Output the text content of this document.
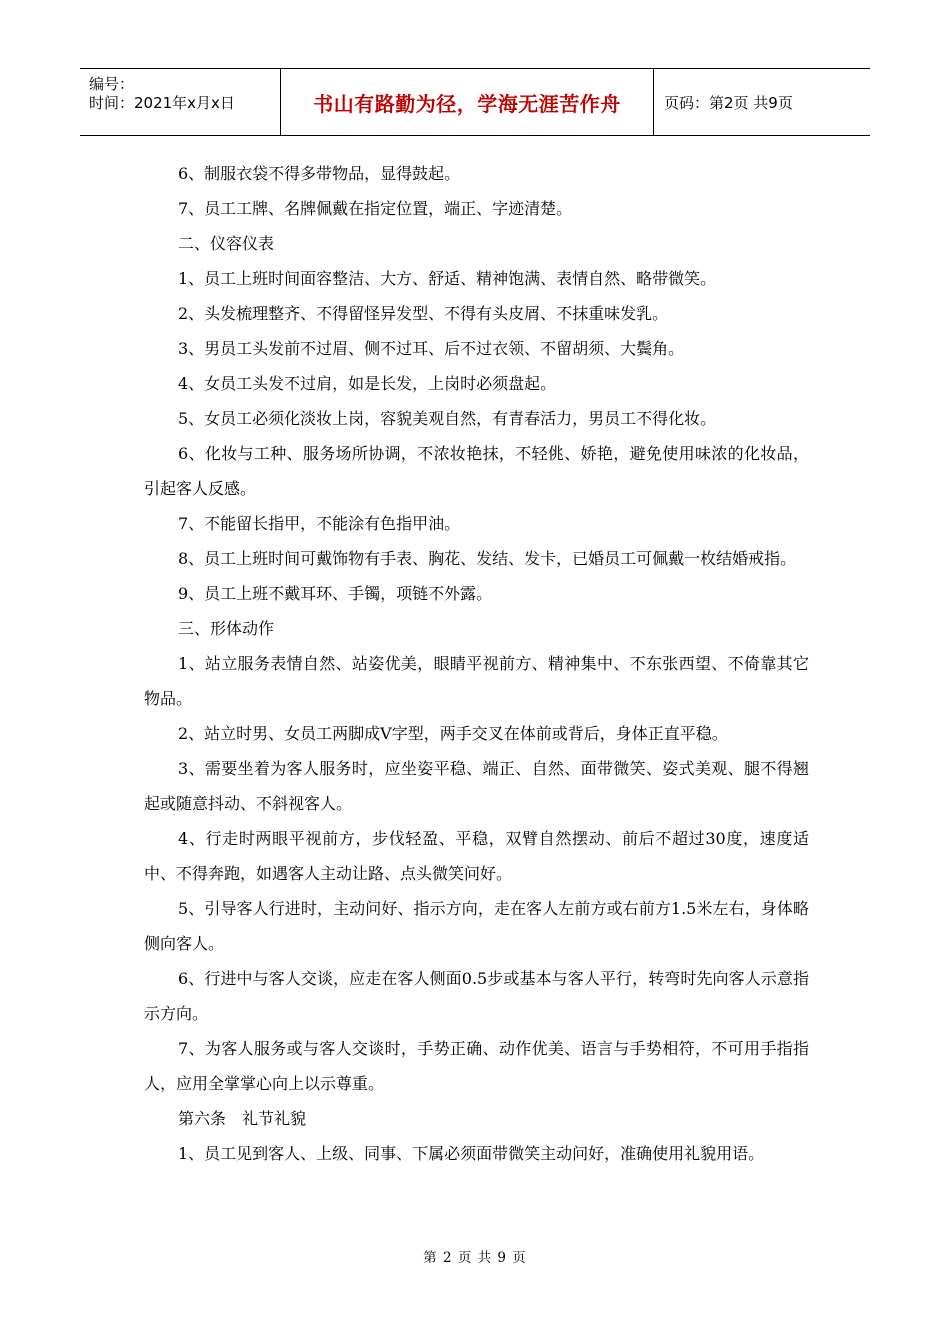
编号：
时间：2021年x月x日	书山有路勤为径，学海无涯苦作舟	页码：第2页 共9页

6、制服衣袋不得多带物品，显得鼓起。

7、员工工牌、名牌佩戴在指定位置，端正、字迹清楚。

二、仪容仪表

1、员工上班时间面容整洁、大方、舒适、精神饱满、表情自然、略带微笑。

2、头发梳理整齐、不得留怪异发型、不得有头皮屑、不抹重味发乳。

3、男员工头发前不过眉、侧不过耳、后不过衣领、不留胡须、大鬓角。

4、女员工头发不过肩，如是长发，上岗时必须盘起。

5、女员工必须化淡妆上岗，容貌美观自然，有青春活力，男员工不得化妆。

6、化妆与工种、服务场所协调，不浓妆艳抹，不轻佻、娇艳，避免使用味浓的化妆品，引起客人反感。

7、不能留长指甲，不能涂有色指甲油。

8、员工上班时间可戴饰物有手表、胸花、发结、发卡，已婚员工可佩戴一枚结婚戒指。

9、员工上班不戴耳环、手镯，项链不外露。

三、形体动作

1、站立服务表情自然、站姿优美，眼睛平视前方、精神集中、不东张西望、不倚靠其它物品。

2、站立时男、女员工两脚成V字型，两手交叉在体前或背后，身体正直平稳。

3、需要坐着为客人服务时，应坐姿平稳、端正、自然、面带微笑、姿式美观、腿不得翘起或随意抖动、不斜视客人。

4、行走时两眼平视前方，步伐轻盈、平稳，双臂自然摆动、前后不超过30度，速度适中、不得奔跑，如遇客人主动让路、点头微笑问好。

5、引导客人行进时，主动问好、指示方向，走在客人左前方或右前方1.5米左右，身体略侧向客人。

6、行进中与客人交谈，应走在客人侧面0.5步或基本与客人平行，转弯时先向客人示意指示方向。

7、为客人服务或与客人交谈时，手势正确、动作优美、语言与手势相符，不可用手指指人，应用全掌掌心向上以示尊重。

第六条　礼节礼貌

1、员工见到客人、上级、同事、下属必须面带微笑主动问好，准确使用礼貌用语。

第 2 页 共 9 页
